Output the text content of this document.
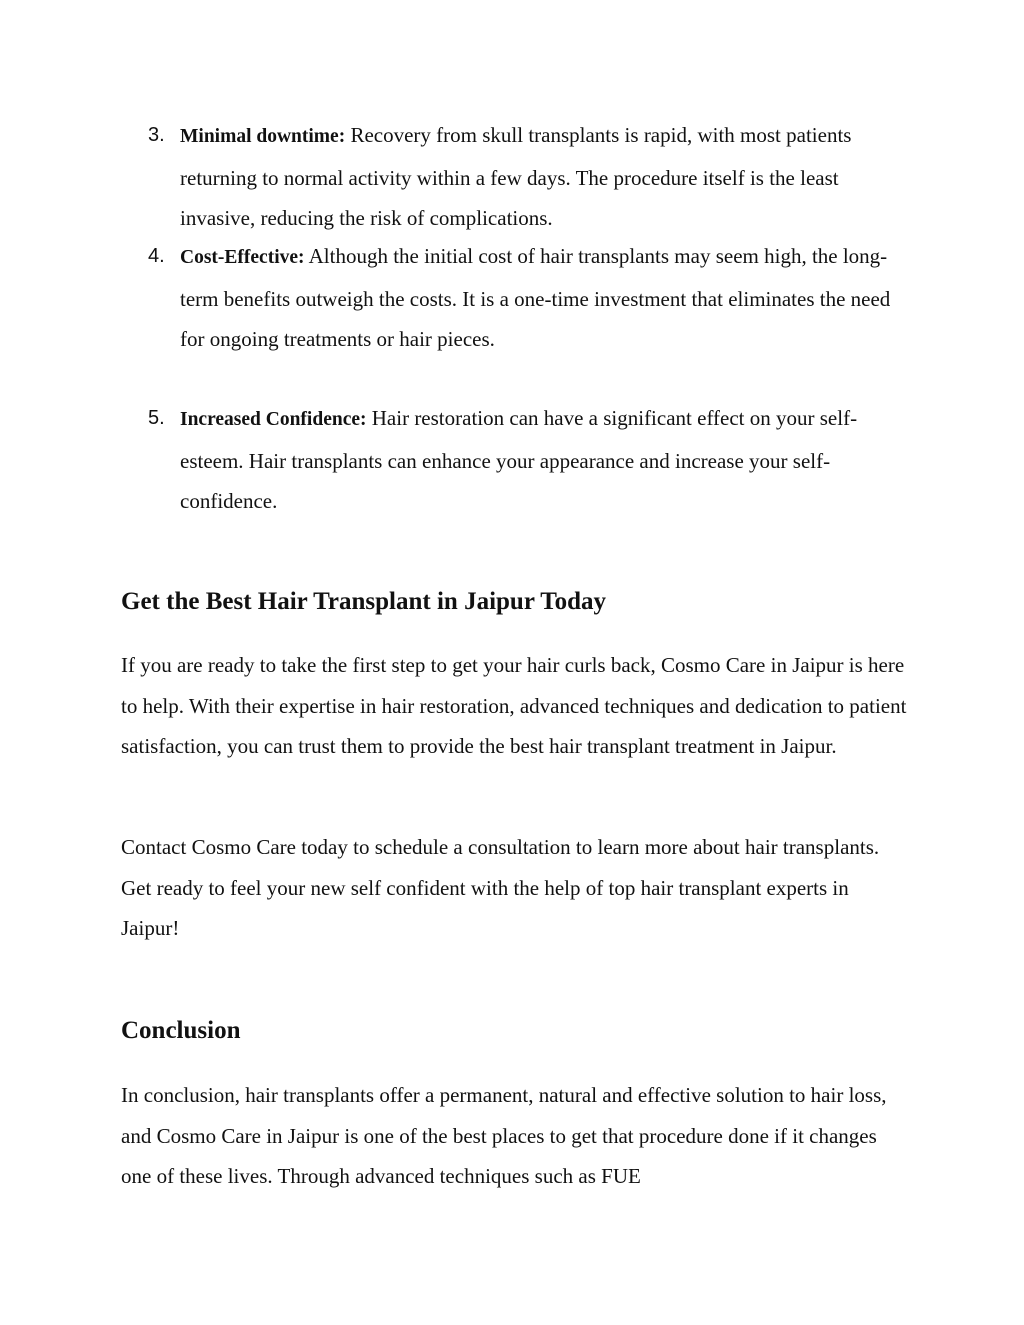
3. Minimal downtime: Recovery from skull transplants is rapid, with most patients returning to normal activity within a few days. The procedure itself is the least invasive, reducing the risk of complications.
4. Cost-Effective: Although the initial cost of hair transplants may seem high, the long-term benefits outweigh the costs. It is a one-time investment that eliminates the need for ongoing treatments or hair pieces.
5. Increased Confidence: Hair restoration can have a significant effect on your self-esteem. Hair transplants can enhance your appearance and increase your self-confidence.
Get the Best Hair Transplant in Jaipur Today

If you are ready to take the first step to get your hair curls back, Cosmo Care in Jaipur is here to help. With their expertise in hair restoration, advanced techniques and dedication to patient satisfaction, you can trust them to provide the best hair transplant treatment in Jaipur.

Contact Cosmo Care today to schedule a consultation to learn more about hair transplants. Get ready to feel your new self confident with the help of top hair transplant experts in Jaipur!

Conclusion

In conclusion, hair transplants offer a permanent, natural and effective solution to hair loss, and Cosmo Care in Jaipur is one of the best places to get that procedure done if it changes one of these lives. Through advanced techniques such as FUE
